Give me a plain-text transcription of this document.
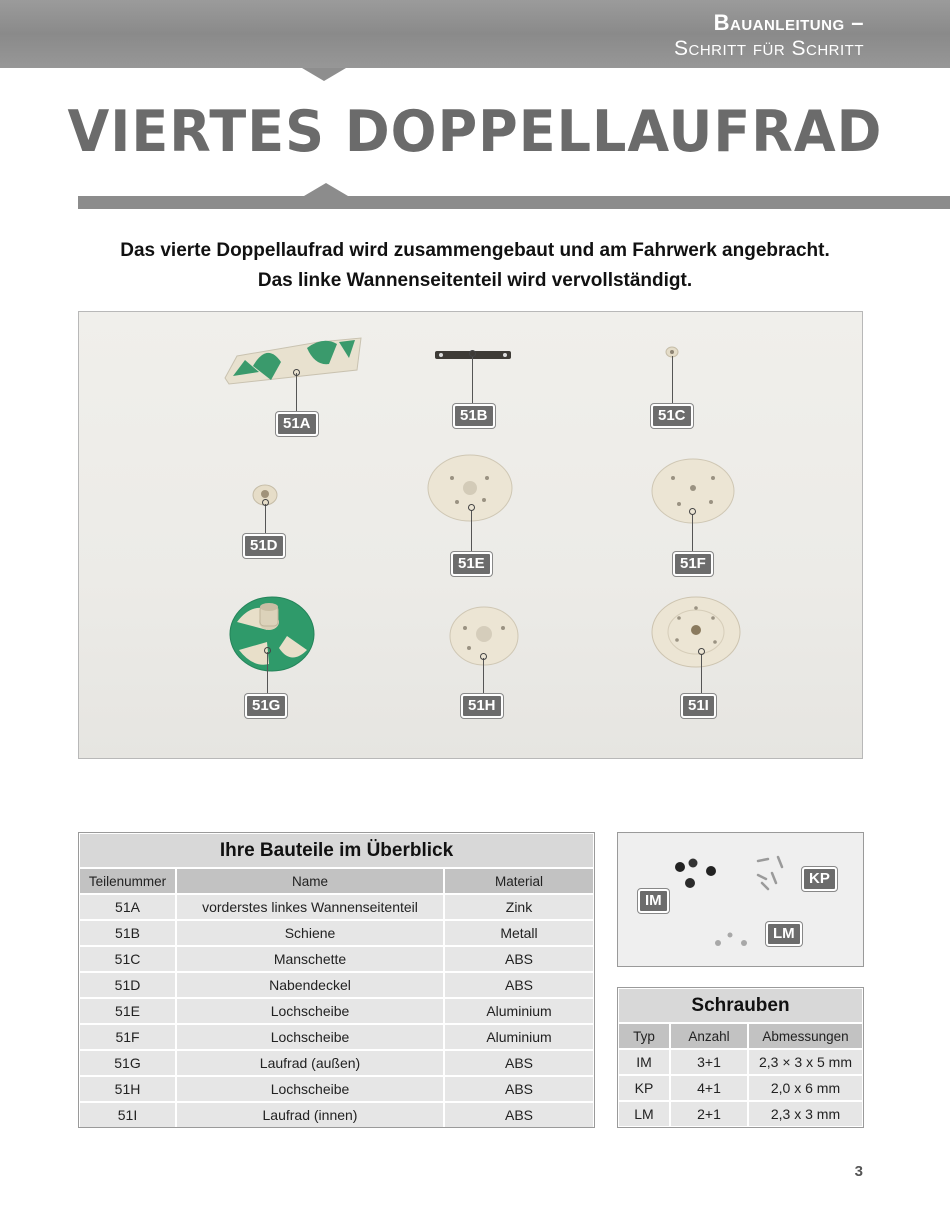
Bauanleitung –
Schritt für Schritt
VIERTES DOPPELLAUFRAD
Das vierte Doppellaufrad wird zusammengebaut und am Fahrwerk angebracht.
Das linke Wannenseitenteil wird vervollständigt.
51A	51B	51C
51D
51E	51F
51G	51H	51I
Ihre Bauteile im Überblick		
Teilenummer	Name	Material
51A	vorderstes linkes Wannenseitenteil	Zink
51B	Schiene	Metall
51C	Manschette	ABS
51D	Nabendeckel	ABS
51E	Lochscheibe	Aluminium
51F	Lochscheibe	Aluminium
51G	Laufrad (außen)	ABS
51H	Lochscheibe	ABS
51I	Laufrad (innen)	ABS
IM
KP
LM
Schrauben		
Typ	Anzahl	Abmessungen
IM	3+1	2,3 × 3 x 5 mm
KP	4+1	2,0 x 6 mm
LM	2+1	2,3 x 3 mm
3
